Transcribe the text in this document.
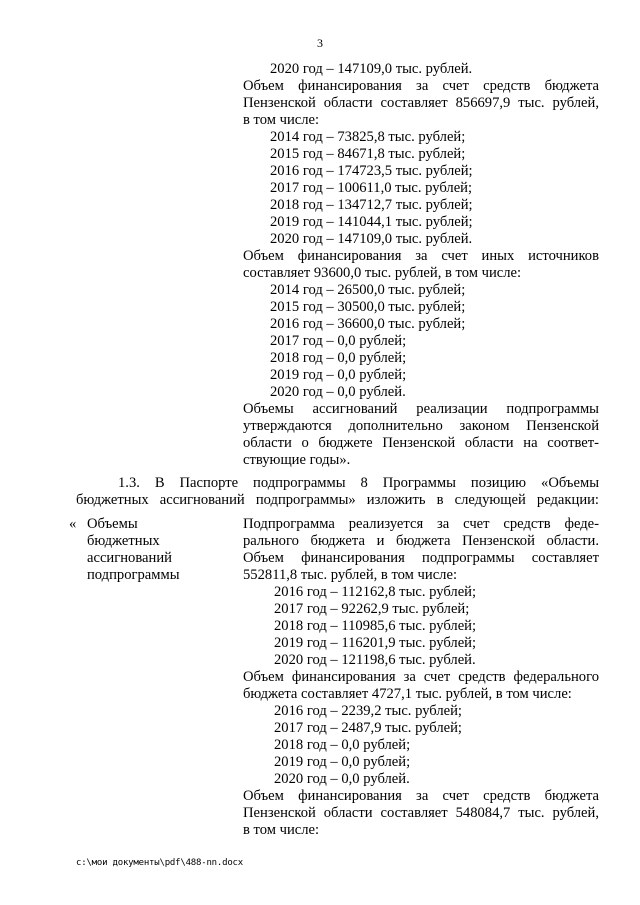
3
2020 год – 147109,0 тыс. рублей.
Объем финансирования за счет средств бюджета
Пензенской области составляет 856697,9 тыс. рублей,
в том числе:
2014 год – 73825,8 тыс. рублей;
2015 год – 84671,8 тыс. рублей;
2016 год – 174723,5 тыс. рублей;
2017 год – 100611,0 тыс. рублей;
2018 год – 134712,7 тыс. рублей;
2019 год – 141044,1 тыс. рублей;
2020 год – 147109,0 тыс. рублей.
Объем финансирования за счет иных источников
составляет 93600,0 тыс. рублей, в том числе:
2014 год – 26500,0 тыс. рублей;
2015 год – 30500,0 тыс. рублей;
2016 год – 36600,0 тыс. рублей;
2017 год – 0,0 рублей;
2018 год – 0,0 рублей;
2019 год – 0,0 рублей;
2020 год – 0,0 рублей.
Объемы ассигнований реализации подпрограммы
утверждаются дополнительно законом Пензенской
области о бюджете Пензенской области на соответ-
ствующие годы».
1.3. В Паспорте подпрограммы 8 Программы позицию «Объемы
бюджетных ассигнований подпрограммы» изложить в следующей редакции:
« Объемы
бюджетных
ассигнований
подпрограммы
Подпрограмма реализуется за счет средств феде-
рального бюджета и бюджета Пензенской области.
Объем финансирования подпрограммы составляет
552811,8 тыс. рублей, в том числе:
2016 год – 112162,8 тыс. рублей;
2017 год – 92262,9 тыс. рублей;
2018 год – 110985,6 тыс. рублей;
2019 год – 116201,9 тыс. рублей;
2020 год – 121198,6 тыс. рублей.
Объем финансирования за счет средств федерального
бюджета составляет 4727,1 тыс. рублей, в том числе:
2016 год – 2239,2 тыс. рублей;
2017 год – 2487,9 тыс. рублей;
2018 год – 0,0 рублей;
2019 год – 0,0 рублей;
2020 год – 0,0 рублей.
Объем финансирования за счет средств бюджета
Пензенской области составляет 548084,7 тыс. рублей,
в том числе:
c:\мои документы\pdf\488-nn.docx
